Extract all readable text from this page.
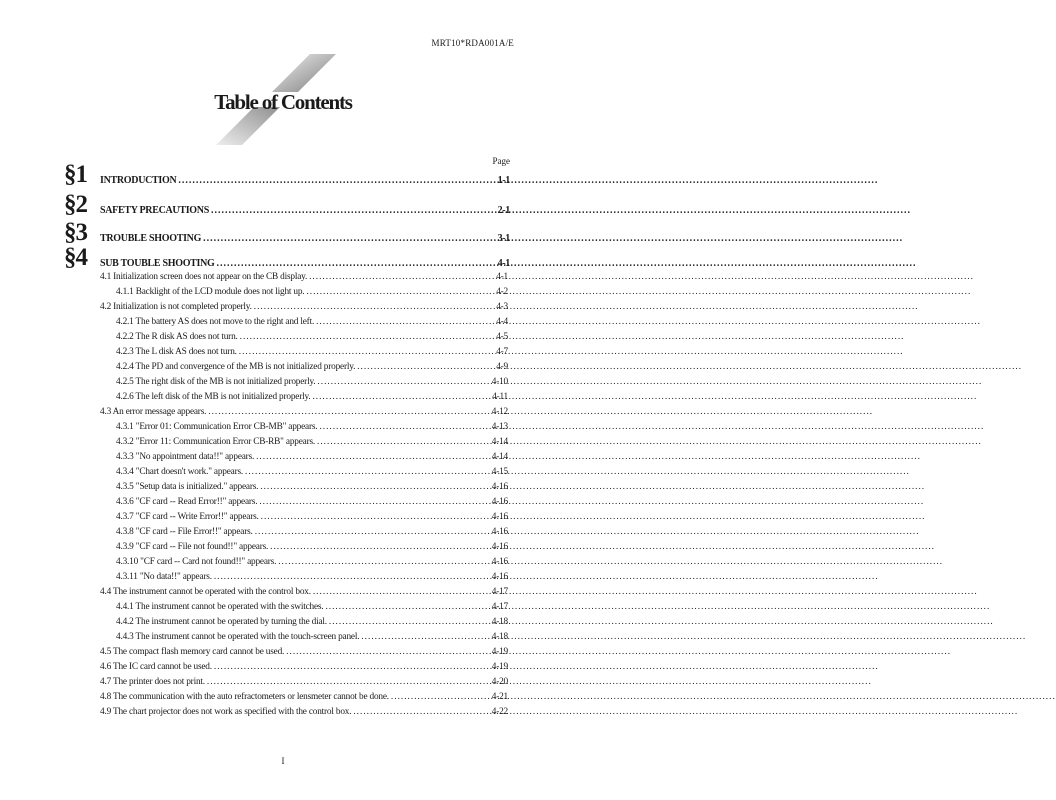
MRT10*RDA001A/E
Table of Contents
Page
§1 INTRODUCTION .....	1-1
§2 SAFETY PRECAUTIONS .....	2-1
§3 TROUBLE SHOOTING .....	3-1
§4 SUB TOUBLE SHOOTING .....	4-1
4.1 Initialization screen does not appear on the CB display. .....	4-1
4.1.1 Backlight of the LCD module does not light up. .....	4-2
4.2 Initialization is not completed properly. .....	4-3
4.2.1 The battery AS does not move to the right and left. .....	4-4
4.2.2 The R disk AS does not turn. .....	4-5
4.2.3 The L disk AS does not turn. .....	4-7
4.2.4 The PD and convergence of the MB is not initialized properly. .....	4-9
4.2.5 The right disk of the MB is not initialized properly. .....	4-10
4.2.6 The left disk of the MB is not initialized properly. .....	4-11
4.3 An error message appears. .....	4-12
4.3.1 "Error 01: Communication Error CB-MB" appears. .....	4-13
4.3.2 "Error 11: Communication Error CB-RB" appears. .....	4-14
4.3.3 "No appointment data!!" appears. .....	4-14
4.3.4 "Chart doesn't work." appears. .....	4-15
4.3.5 "Setup data is initialized." appears. .....	4-16
4.3.6 "CF card -- Read Error!!" appears. .....	4-16
4.3.7 "CF card -- Write Error!!" appears. .....	4-16
4.3.8 "CF card -- File Error!!" appears. .....	4-16
4.3.9 "CF card -- File not found!!" appears. .....	4-16
4.3.10 "CF card -- Card not found!!" appears. .....	4-16
4.3.11 "No data!!" appears. .....	4-16
4.4 The instrument cannot be operated with the control box. .....	4-17
4.4.1 The instrument cannot be operated with the switches. .....	4-17
4.4.2 The instrument cannot be operated by turning the dial. .....	4-18
4.4.3 The instrument cannot be operated with the touch-screen panel. .....	4-18
4.5 The compact flash memory card cannot be used. .....	4-19
4.6 The IC card cannot be used. .....	4-19
4.7 The printer does not print. .....	4-20
4.8 The communication with the auto refractometers or lensmeter cannot be done. .....	4-21
4.9 The chart projector does not work as specified with the control box. .....	4-22
I
